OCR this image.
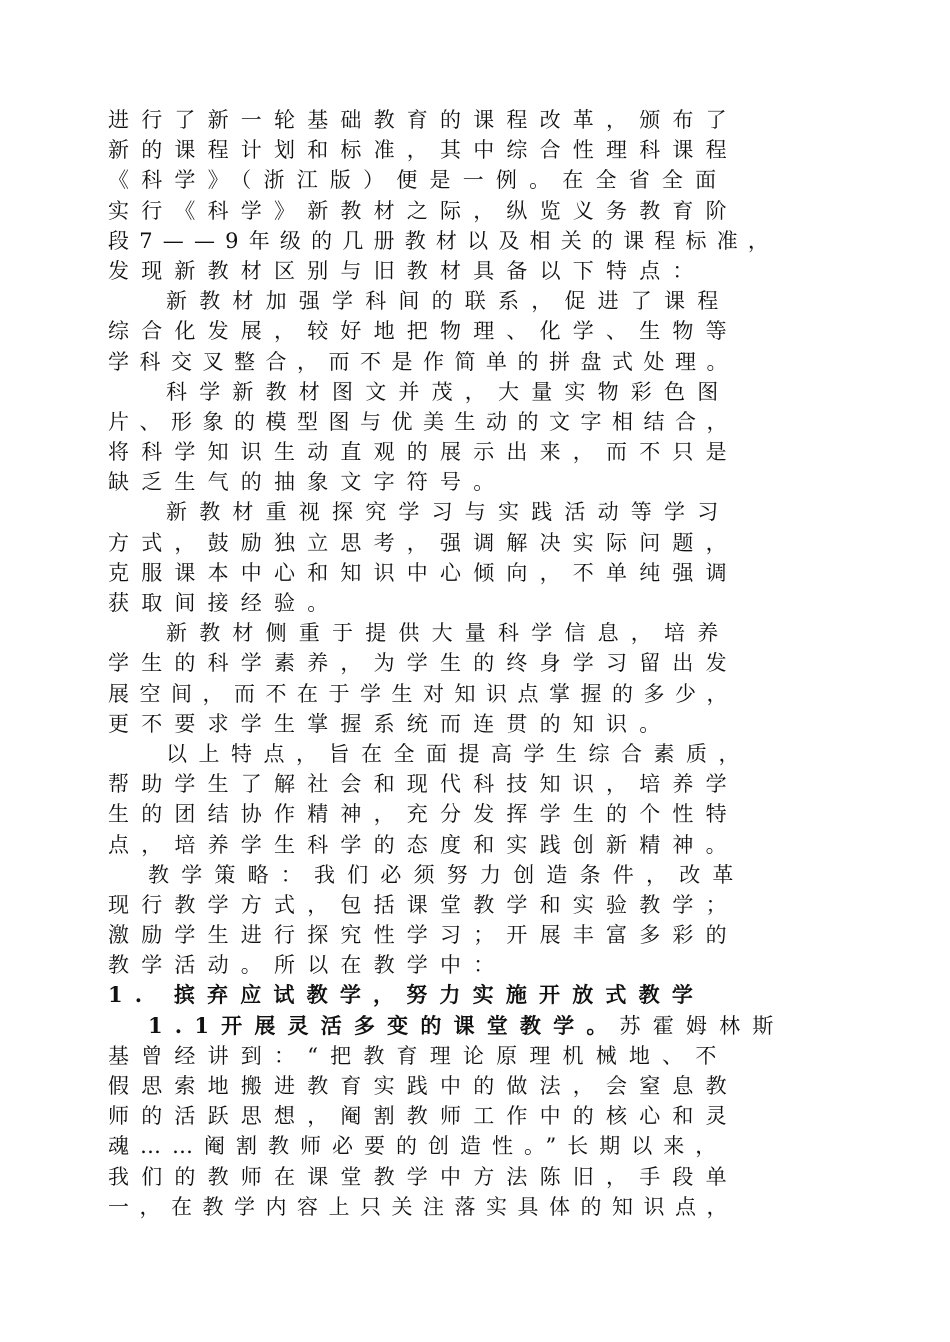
进行了新一轮基础教育的课程改革，颁布了
新的课程计划和标准，其中综合性理科课程
《科学》（浙江版）便是一例。在全省全面
实行《科学》新教材之际，纵览义务教育阶
段7——9年级的几册教材以及相关的课程标准，
发现新教材区别与旧教材具备以下特点：
新教材加强学科间的联系，促进了课程
综合化发展，较好地把物理、化学、生物等
学科交叉整合，而不是作简单的拼盘式处理。
科学新教材图文并茂，大量实物彩色图
片、形象的模型图与优美生动的文字相结合，
将科学知识生动直观的展示出来，而不只是
缺乏生气的抽象文字符号。
新教材重视探究学习与实践活动等学习
方式，鼓励独立思考，强调解决实际问题，
克服课本中心和知识中心倾向，不单纯强调
获取间接经验。
新教材侧重于提供大量科学信息，培养
学生的科学素养，为学生的终身学习留出发
展空间，而不在于学生对知识点掌握的多少，
更不要求学生掌握系统而连贯的知识。
以上特点，旨在全面提高学生综合素质，
帮助学生了解社会和现代科技知识，培养学
生的团结协作精神，充分发挥学生的个性特
点，培养学生科学的态度和实践创新精神。
教学策略：我们必须努力创造条件，改革
现行教学方式，包括课堂教学和实验教学；
激励学生进行探究性学习；开展丰富多彩的
教学活动。所以在教学中：
1. 摈弃应试教学，努力实施开放式教学
1.1开展灵活多变的课堂教学。苏霍姆林斯
基曾经讲到：“把教育理论原理机械地、不
假思索地搬进教育实践中的做法，会窒息教
师的活跃思想，阉割教师工作中的核心和灵
魂……阉割教师必要的创造性。”长期以来，
我们的教师在课堂教学中方法陈旧，手段单
一，在教学内容上只关注落实具体的知识点，
